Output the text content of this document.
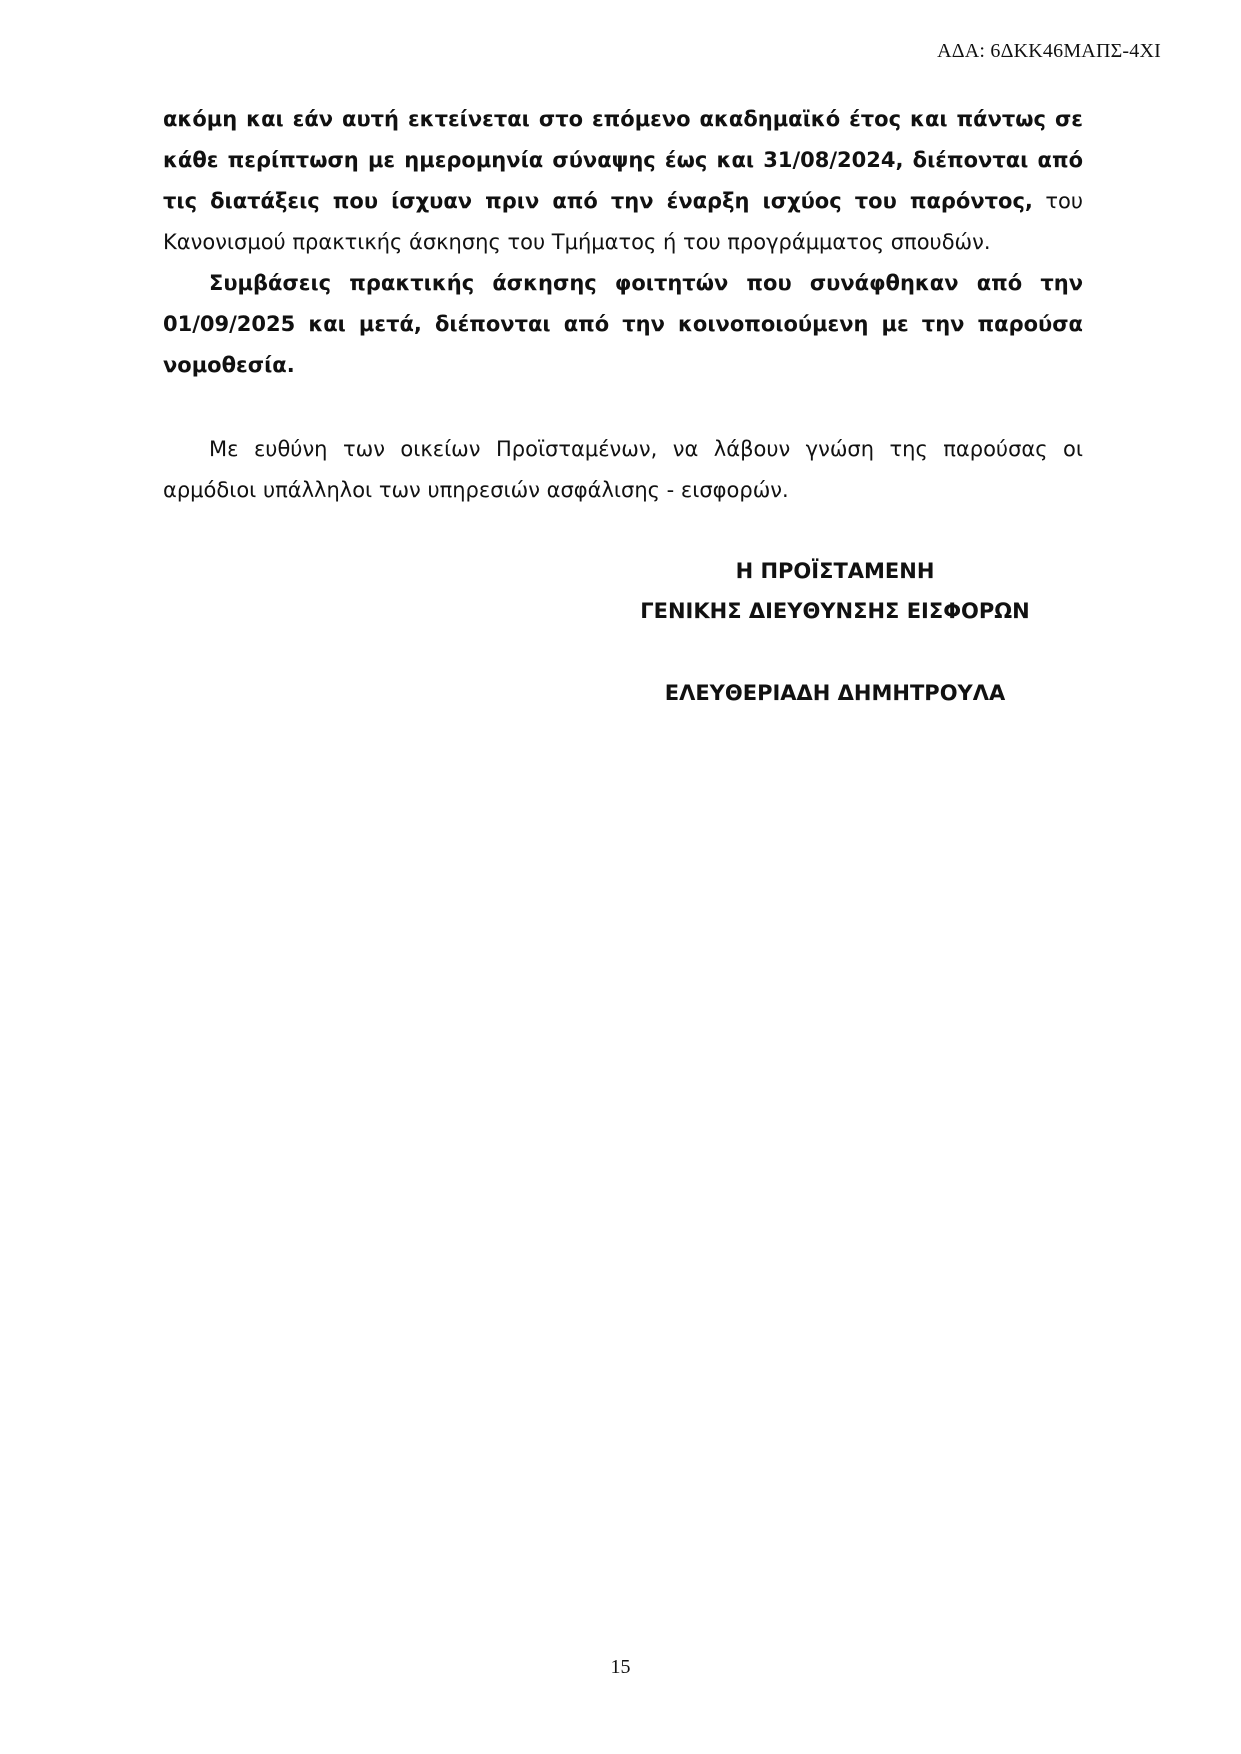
ΑΔΑ: 6ΔΚΚ46ΜΑΠΣ-4ΧΙ

ακόμη και εάν αυτή εκτείνεται στο επόμενο ακαδημαϊκό έτος και πάντως σε κάθε περίπτωση με ημερομηνία σύναψης έως και 31/08/2024, διέπονται από τις διατάξεις που ίσχυαν πριν από την έναρξη ισχύος του παρόντος, του Κανονισμού πρακτικής άσκησης του Τμήματος ή του προγράμματος σπουδών.

Συμβάσεις πρακτικής άσκησης φοιτητών που συνάφθηκαν από την 01/09/2025 και μετά, διέπονται από την κοινοποιούμενη με την παρούσα νομοθεσία.

Με ευθύνη των οικείων Προϊσταμένων, να λάβουν γνώση της παρούσας οι αρμόδιοι υπάλληλοι των υπηρεσιών ασφάλισης - εισφορών.

Η ΠΡΟΪΣΤΑΜΕΝΗ
ΓΕΝΙΚΗΣ ΔΙΕΥΘΥΝΣΗΣ ΕΙΣΦΟΡΩΝ
ΕΛΕΥΘΕΡΙΑΔΗ ΔΗΜΗΤΡΟΥΛΑ
15
